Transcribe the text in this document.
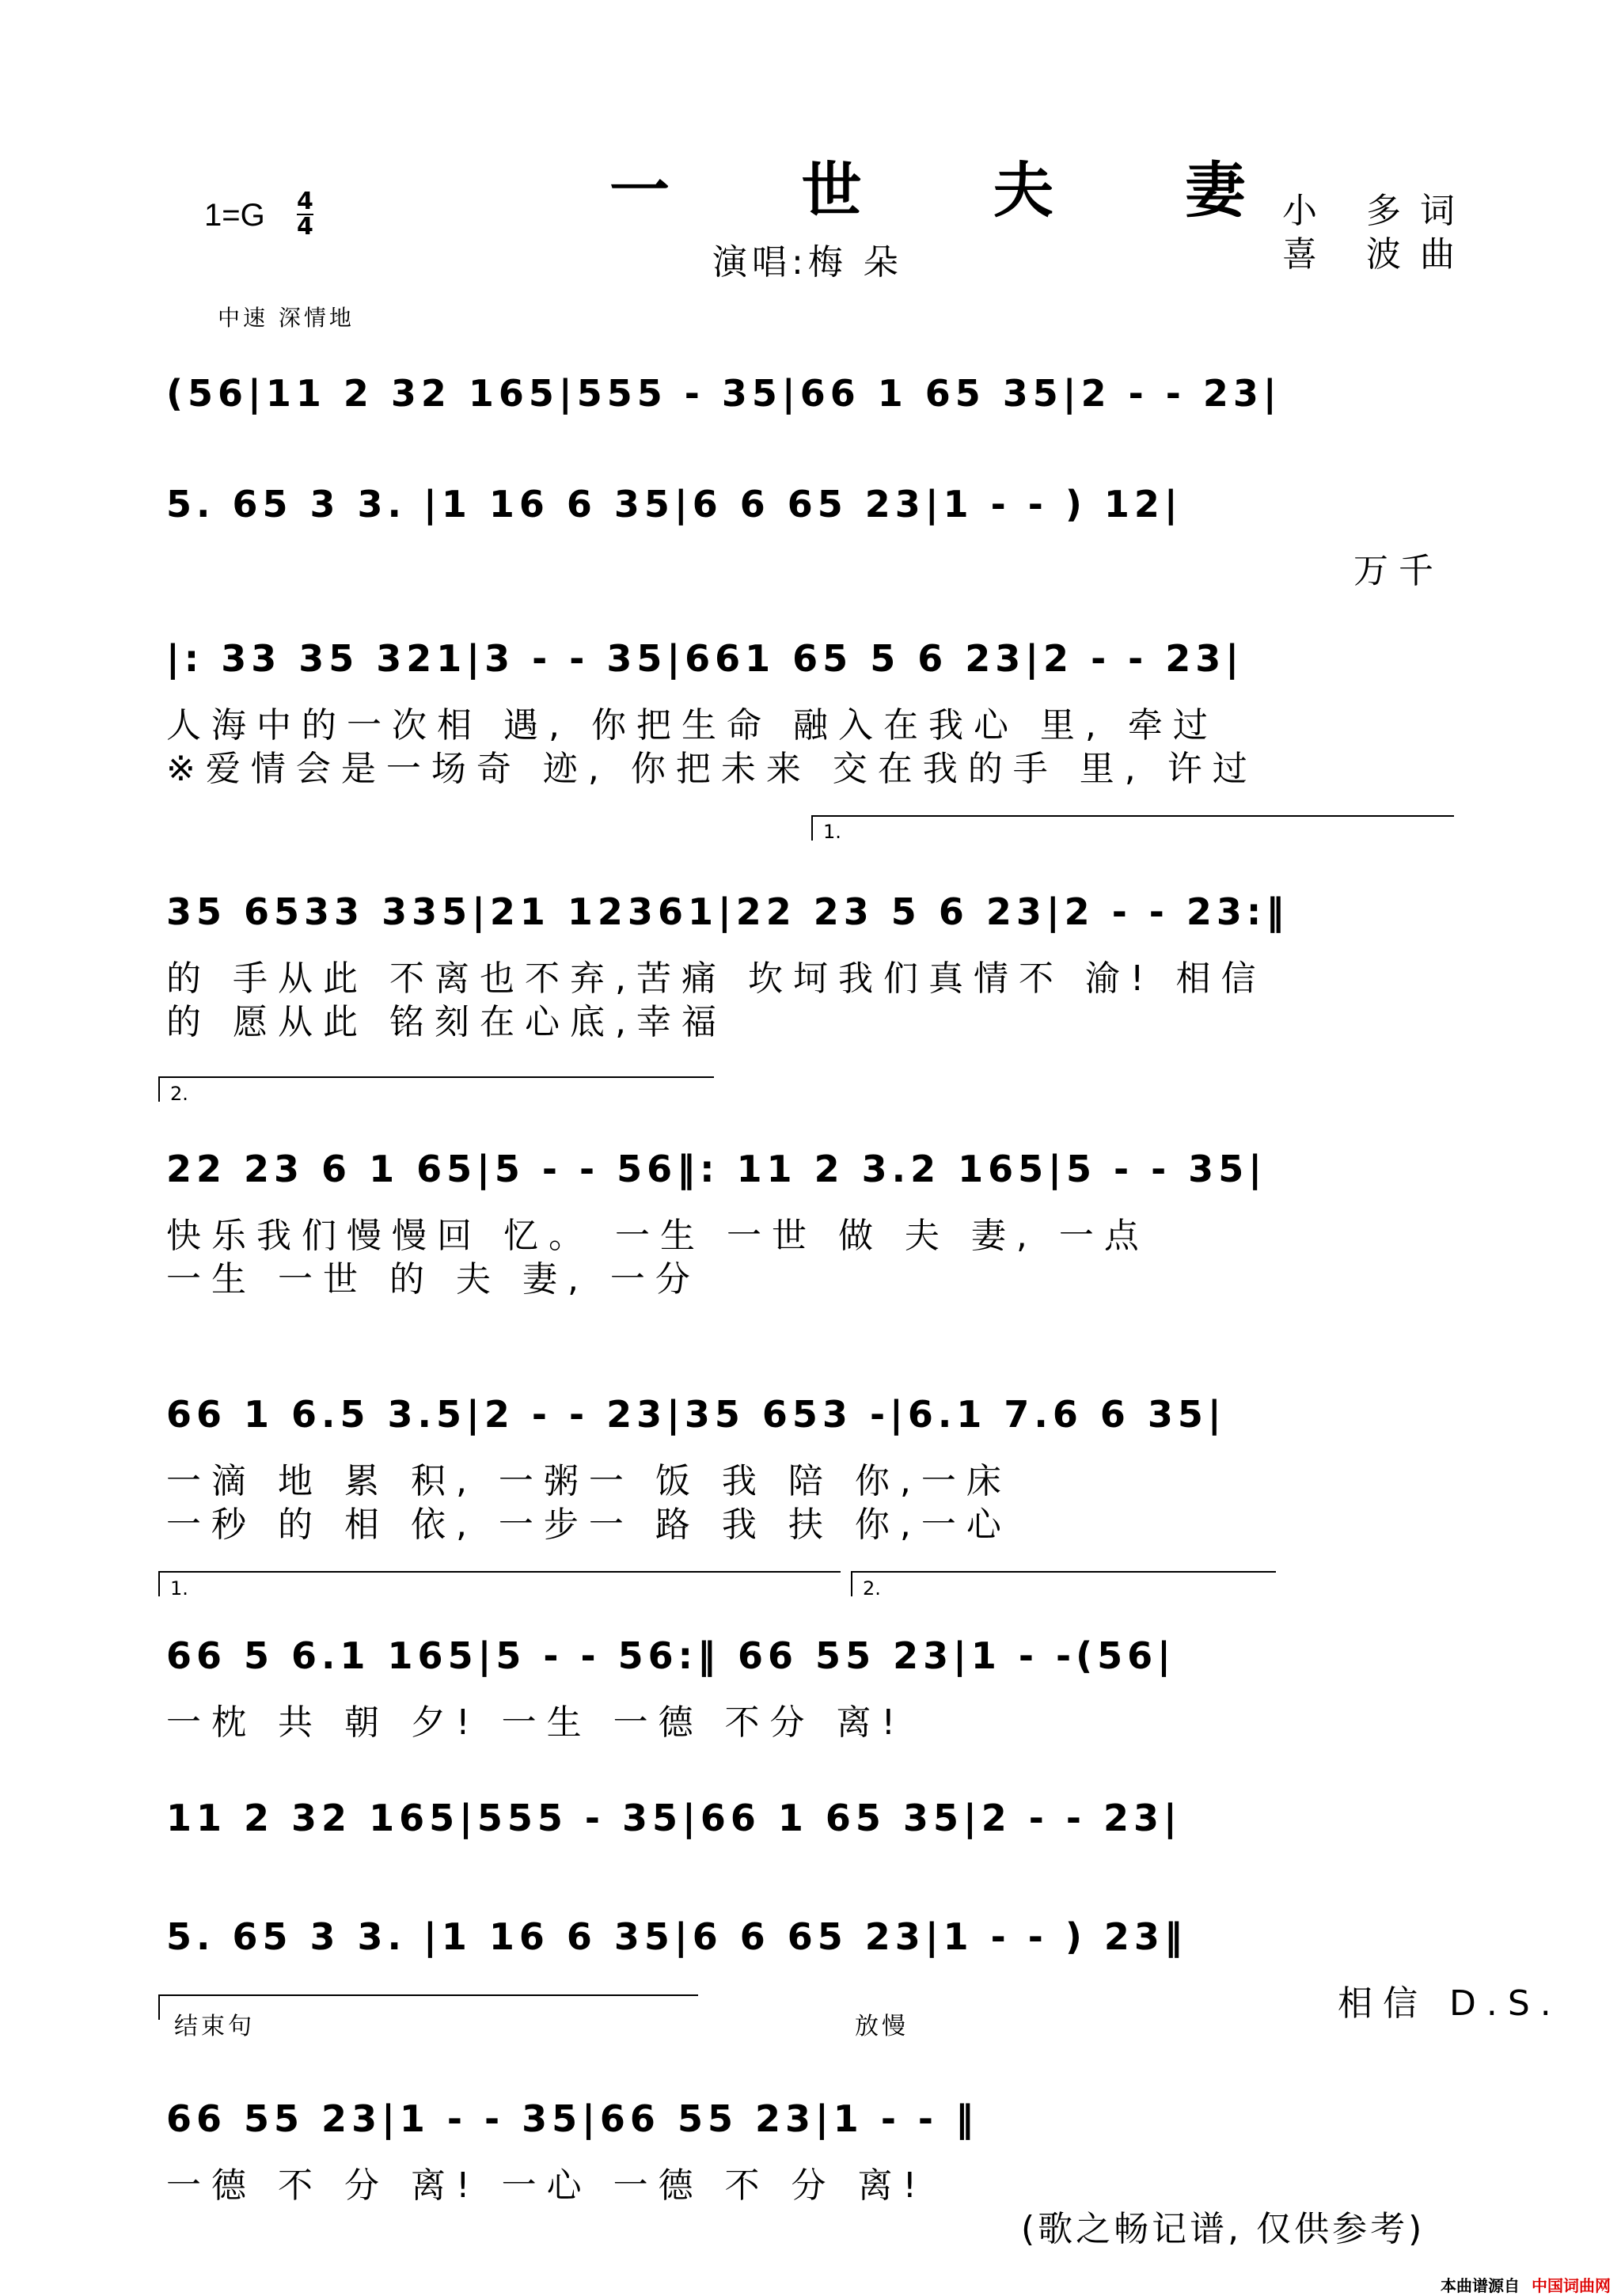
一 世 夫 妻
演唱:梅 朵
1=G 4
4	小 多词
喜 波曲
中速 深情地
(56|11 2 32 165|555 - 35|66 1 65 35|2 - - 23|
5. 65 3 3. |1 16 6 35|6 6 65 23|1 - - ) 12|
万千
|: 33 35 321|3 - - 35|661 65 5 6 23|2 - - 23|
人海中的一次相 遇, 你把生命 融入在我心 里, 牵过
※爱情会是一场奇 迹, 你把未来 交在我的手 里, 许过
1.
35 6533 335|21 12361|22 23 5 6 23|2 - - 23:‖
的 手从此 不离也不弃,苦痛 坎坷我们真情不 渝! 相信
的 愿从此 铭刻在心底,幸福
2.
22 23 6 1 65|5 - - 56‖: 11 2 3.2 165|5 - - 35|
快乐我们慢慢回 忆。 一生 一世 做 夫 妻, 一点
一生 一世 的 夫 妻, 一分
66 1 6.5 3.5|2 - - 23|35 653 -|6.1 7.6 6 35|
一滴 地 累 积, 一粥一 饭 我 陪 你,一床
一秒 的 相 依, 一步一 路 我 扶 你,一心
1.	2.
66 5 6.1 165|5 - - 56:‖ 66 55 23|1 - -(56|
一枕 共 朝 夕! 一生 一德 不分 离!
11 2 32 165|555 - 35|66 1 65 35|2 - - 23|
5. 65 3 3. |1 16 6 35|6 6 65 23|1 - - ) 23‖
相信 D.S.
结束句	放慢
66 55 23|1 - - 35|66 55 23|1 - - ‖
一德 不 分 离! 一心 一德 不 分 离!
(歌之畅记谱, 仅供参考)
本曲谱源自 中国词曲网
